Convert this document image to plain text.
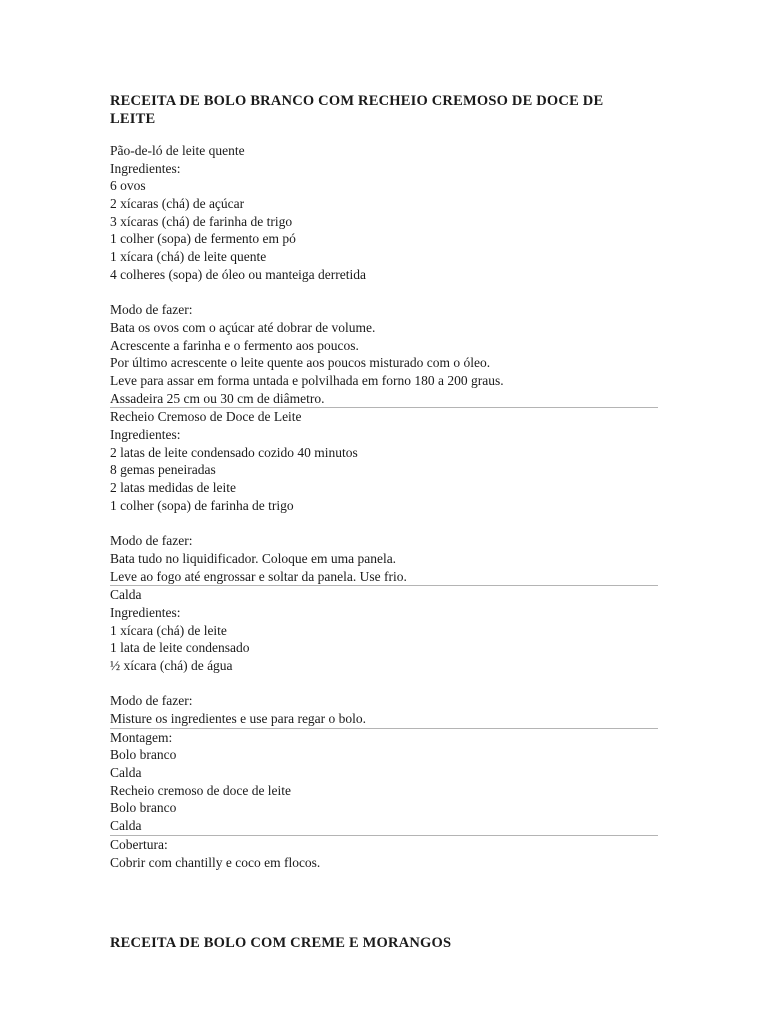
RECEITA DE BOLO BRANCO COM RECHEIO CREMOSO DE DOCE DE
LEITE
Pão-de-ló de leite quente
Ingredientes:
6 ovos
2 xícaras (chá) de açúcar
3 xícaras (chá) de farinha de trigo
1 colher (sopa) de fermento em pó
1 xícara (chá) de leite quente
4 colheres (sopa) de óleo ou manteiga derretida
Modo de fazer:
Bata os ovos com o açúcar até dobrar de volume.
Acrescente a farinha e o fermento aos poucos.
Por último acrescente o leite quente aos poucos misturado com o óleo.
Leve para assar em forma untada e polvilhada em forno 180 a 200 graus.
Assadeira 25 cm ou 30 cm de diâmetro.
Recheio Cremoso de Doce de Leite
Ingredientes:
2 latas de leite condensado cozido 40 minutos
8 gemas peneiradas
2 latas medidas de leite
1 colher (sopa) de farinha de trigo
Modo de fazer:
Bata tudo no liquidificador. Coloque em uma panela.
Leve ao fogo até engrossar e soltar da panela. Use frio.
Calda
Ingredientes:
1 xícara (chá) de leite
1 lata de leite condensado
½ xícara (chá) de água
Modo de fazer:
Misture os ingredientes e use para regar o bolo.
Montagem:
Bolo branco
Calda
Recheio cremoso de doce de leite
Bolo branco
Calda
Cobertura:
Cobrir com chantilly e coco em flocos.
RECEITA DE BOLO COM CREME E MORANGOS
